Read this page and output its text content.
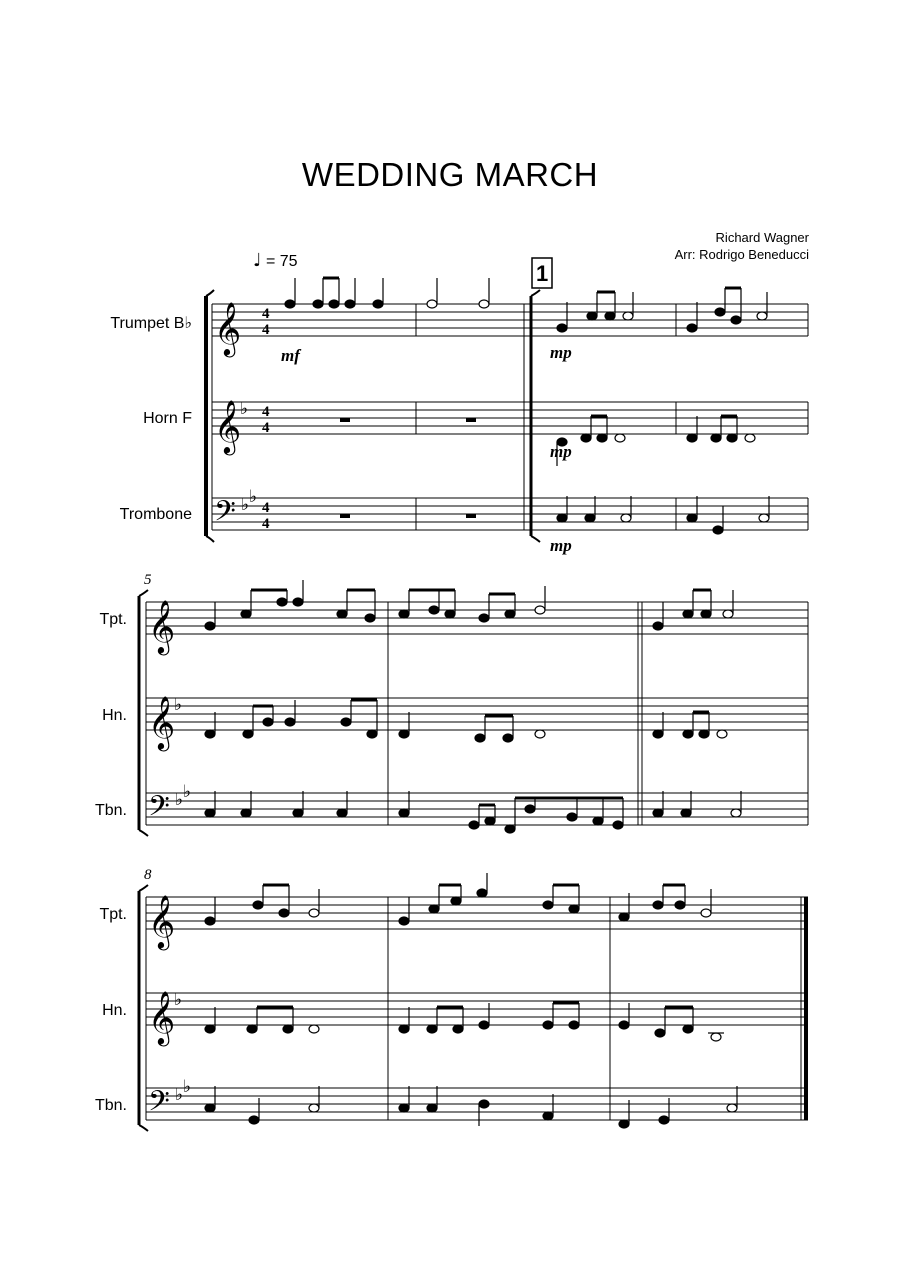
WEDDING MARCH
Richard Wagner
Arr: Rodrigo Beneducci
♩ = 75	1
𝄞
𝄞
𝄢
♭
♭ ♭
4
4
4
4
4
4
mf	mp
mp
mp
Trumpet B♭
Horn F
Trombone
5
𝄞
𝄞
𝄢
♭
♭ ♭
Tpt.
Hn.
Tbn.
8
𝄞
𝄞
𝄢
♭
♭ ♭
Tpt.
Hn.
Tbn.
